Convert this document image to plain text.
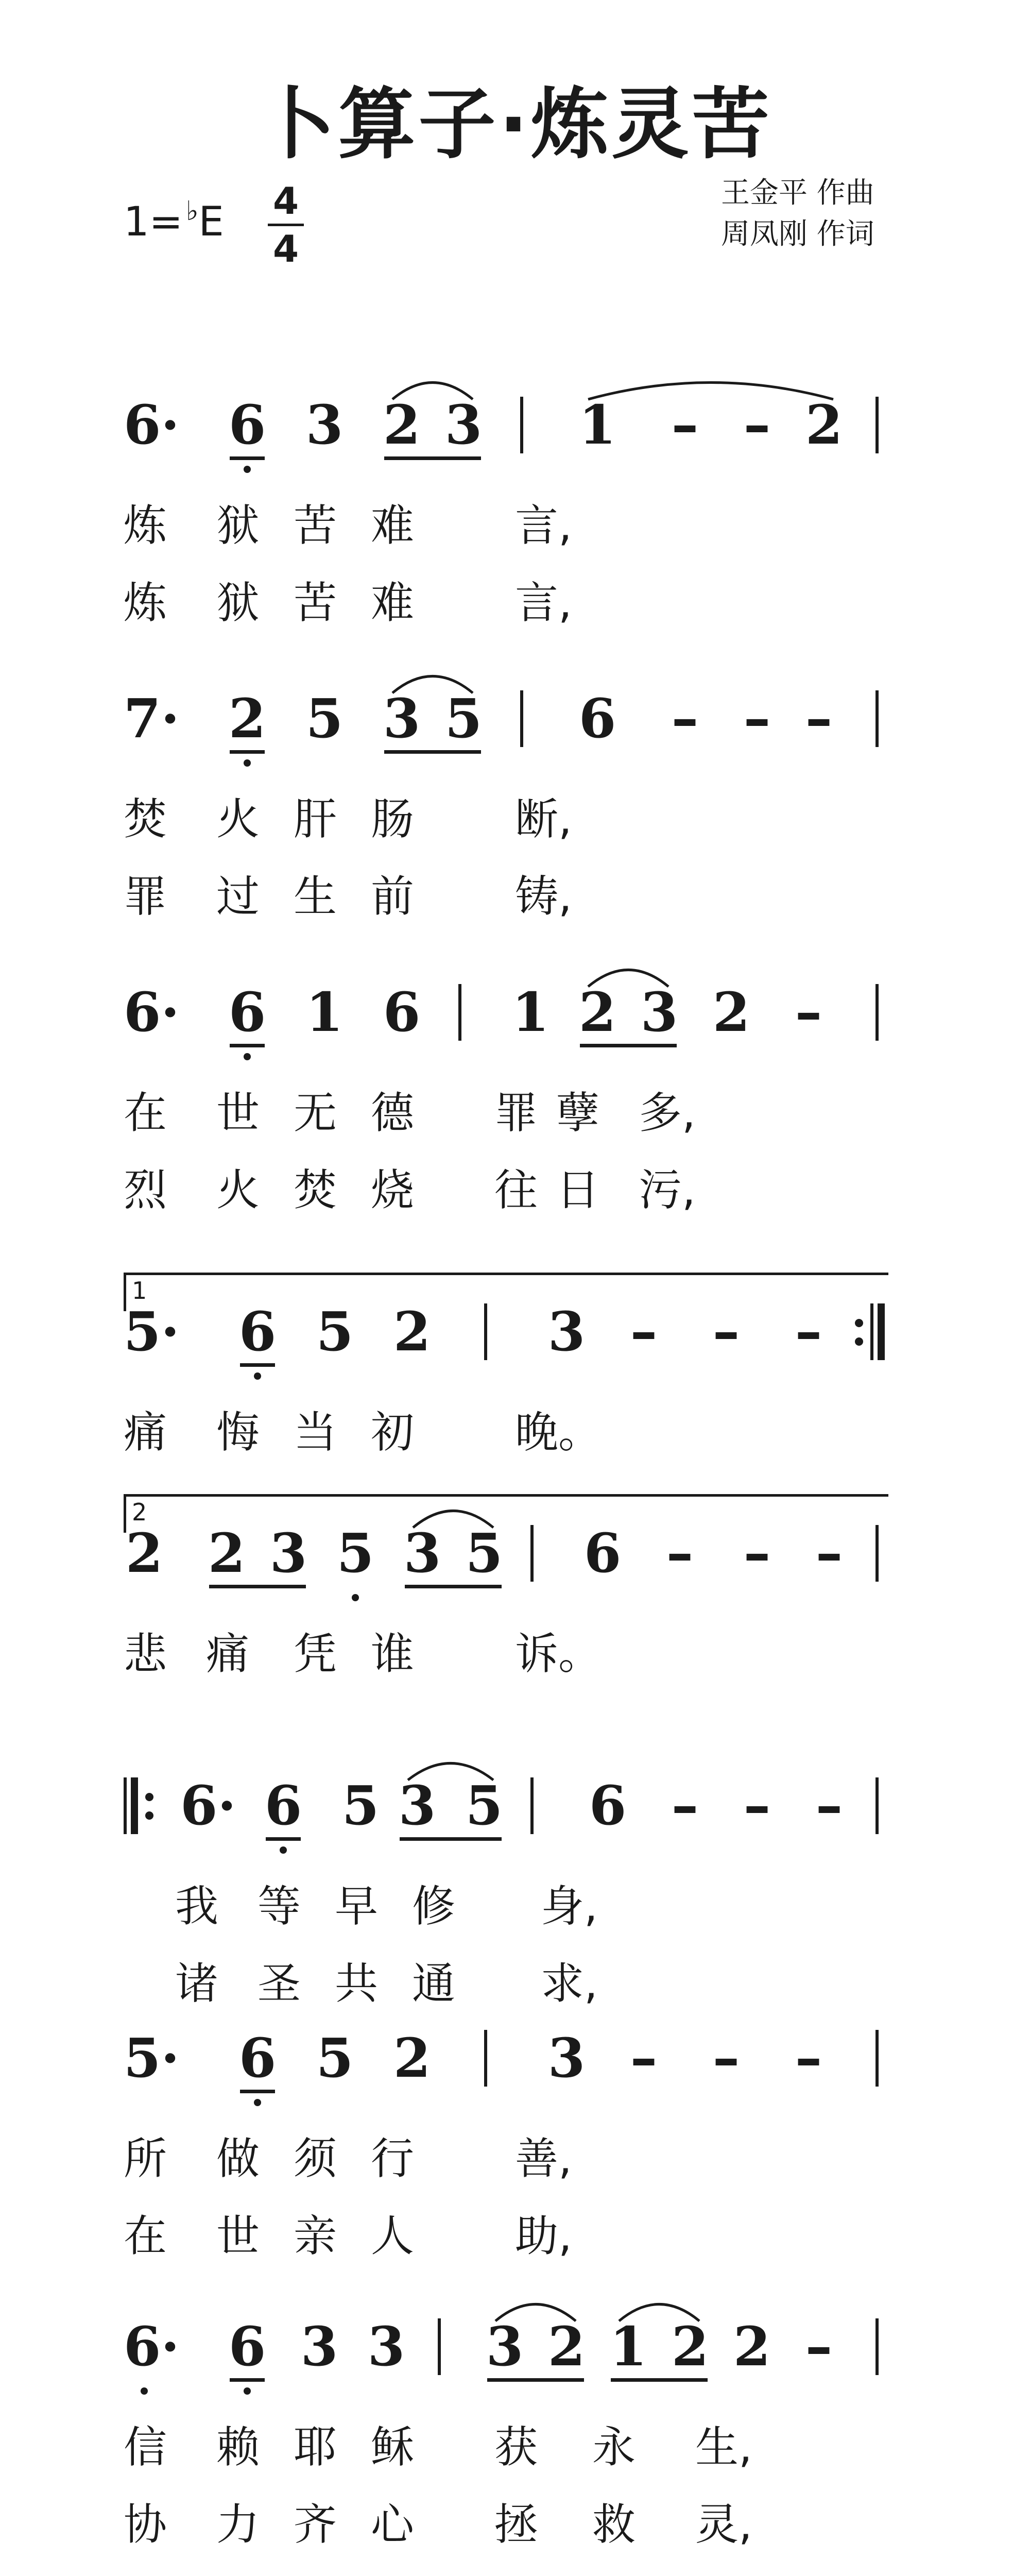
卜算子·炼灵苦
1= ♭E 4
4
王金平 作曲
周凤刚 作词
6· 6 3 2 3 1 – – 2
炼 狱 苦 难 言,
炼 狱 苦 难 言,
7· 2 5 3 5 6 – – –
焚 火 肝 肠 断,
罪 过 生 前 铸,
6· 6 1 6 1 2 3 2 –
在 世 无 德 罪 孽 多,
烈 火 焚 烧 往 日 污,
1
5· 6 5 2 3 – – –
痛 悔 当 初 晚。
2
2 2 3 5 3 5 6 – – –
悲 痛 凭 谁 诉。
6· 6 5 3 5 6 – – –
我 等 早 修 身,
诸 圣 共 通 求,
5· 6 5 2 3 – – –
所 做 须 行 善,
在 世 亲 人 助,
6· 6 3 3 3 2 1 2 2 –
信 赖 耶 稣 获 永 生,
协 力 齐 心 拯 救 灵,
